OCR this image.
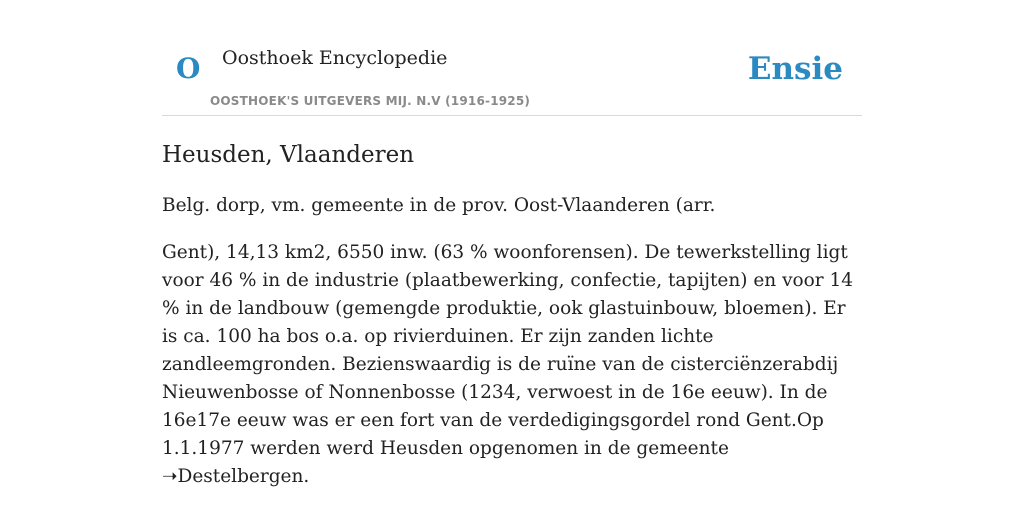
O Oosthoek Encyclopedie
OOSTHOEK'S UITGEVERS MIJ. N.V (1916-1925)
Ensie
Heusden, Vlaanderen

Belg. dorp, vm. gemeente in de prov. Oost-Vlaanderen (arr.

Gent), 14,13 km2, 6550 inw. (63 % woonforensen). De tewerkstelling ligt voor 46 % in de industrie (plaatbewerking, confectie, tapijten) en voor 14 % in de landbouw (gemengde produktie, ook glastuinbouw, bloemen). Er is ca. 100 ha bos o.a. op rivierduinen. Er zijn zanden lichte zandleemgronden. Bezienswaardig is de ruïne van de cisterciënzerabdij Nieuwenbosse of Nonnenbosse (1234, verwoest in de 16e eeuw). In de 16e17e eeuw was er een fort van de verdedigingsgordel rond Gent.Op 1.1.1977 werden werd Heusden opgenomen in de gemeente ➝Destelbergen.
